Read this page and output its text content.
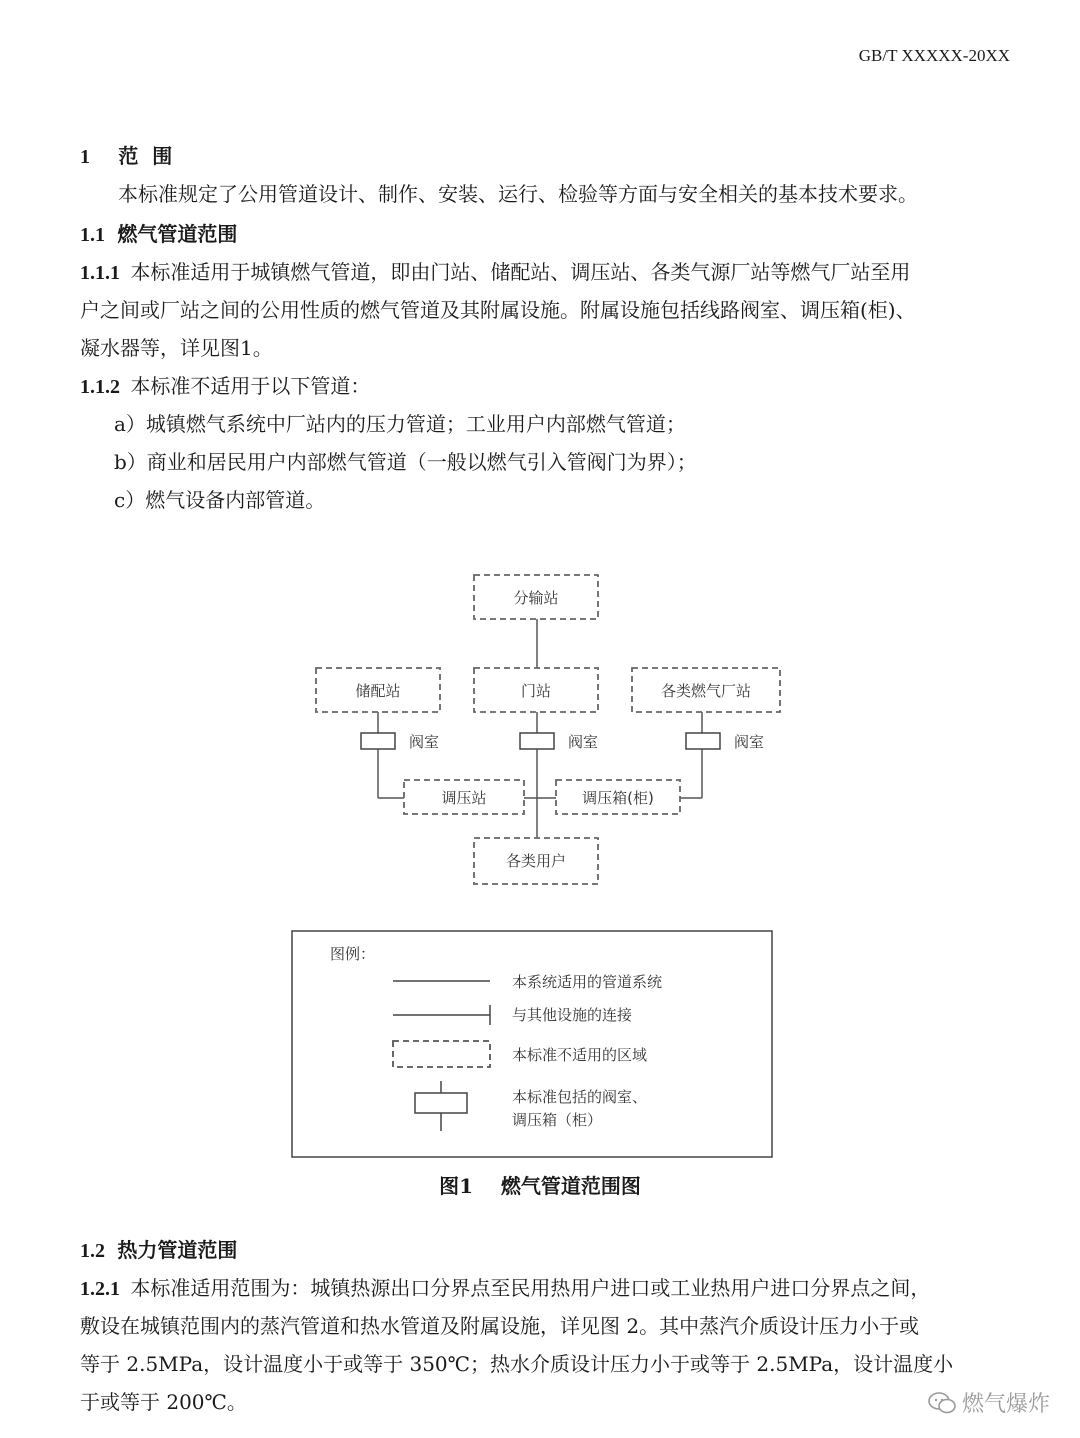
GB/T XXXXX-20XX
1 范  围
本标准规定了公用管道设计、制作、安装、运行、检验等方面与安全相关的基本技术要求。
1.1 燃气管道范围
1.1.1 本标准适用于城镇燃气管道，即由门站、储配站、调压站、各类气源厂站等燃气厂站至用
户之间或厂站之间的公用性质的燃气管道及其附属设施。附属设施包括线路阀室、调压箱(柜)、
凝水器等，详见图1。
1.1.2 本标准不适用于以下管道：
a）城镇燃气系统中厂站内的压力管道；工业用户内部燃气管道；
b）商业和居民用户内部燃气管道（一般以燃气引入管阀门为界）；
c）燃气设备内部管道。
分输站
储配站	门站	各类燃气厂站
阀室	阀室	阀室
调压站	调压箱(柜)
各类用户
图例：
本系统适用的管道系统
与其他设施的连接
本标准不适用的区域
本标准包括的阀室、
调压箱（柜）
图1    燃气管道范围图
1.2 热力管道范围
1.2.1 本标准适用范围为：城镇热源出口分界点至民用热用户进口或工业热用户进口分界点之间，
敷设在城镇范围内的蒸汽管道和热水管道及附属设施，详见图 2。其中蒸汽介质设计压力小于或
等于 2.5MPa，设计温度小于或等于 350℃；热水介质设计压力小于或等于 2.5MPa，设计温度小
于或等于 200℃。	燃气爆炸
